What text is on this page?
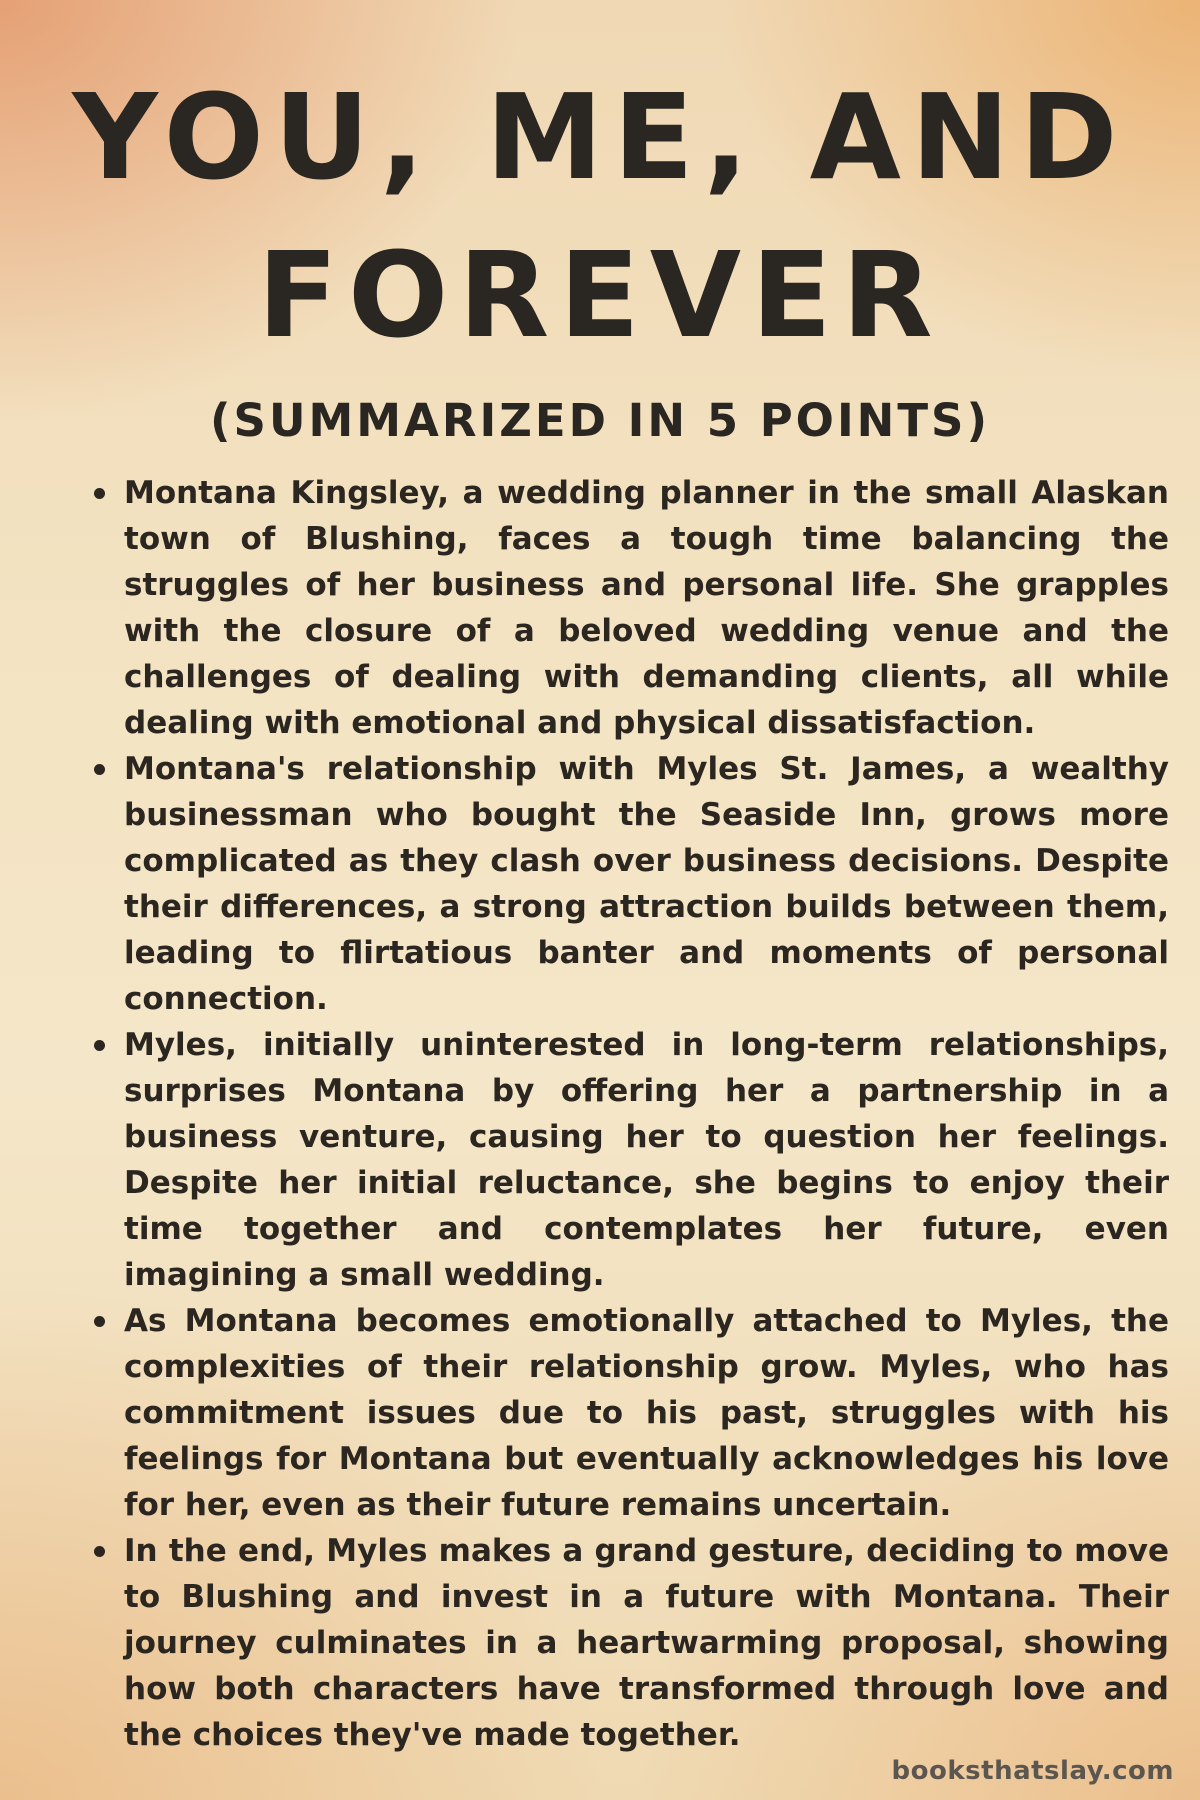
YOU, ME, AND FOREVER
(SUMMARIZED IN 5 POINTS)
Montana Kingsley, a wedding planner in the small Alaskan town of Blushing, faces a tough time balancing the struggles of her business and personal life. She grapples with the closure of a beloved wedding venue and the challenges of dealing with demanding clients, all while dealing with emotional and physical dissatisfaction.
Montana's relationship with Myles St. James, a wealthy businessman who bought the Seaside Inn, grows more complicated as they clash over business decisions. Despite their differences, a strong attraction builds between them, leading to flirtatious banter and moments of personal connection.
Myles, initially uninterested in long-term relationships, surprises Montana by offering her a partnership in a business venture, causing her to question her feelings. Despite her initial reluctance, she begins to enjoy their time together and contemplates her future, even imagining a small wedding.
As Montana becomes emotionally attached to Myles, the complexities of their relationship grow. Myles, who has commitment issues due to his past, struggles with his feelings for Montana but eventually acknowledges his love for her, even as their future remains uncertain.
In the end, Myles makes a grand gesture, deciding to move to Blushing and invest in a future with Montana. Their journey culminates in a heartwarming proposal, showing how both characters have transformed through love and the choices they've made together.
booksthatslay.com
